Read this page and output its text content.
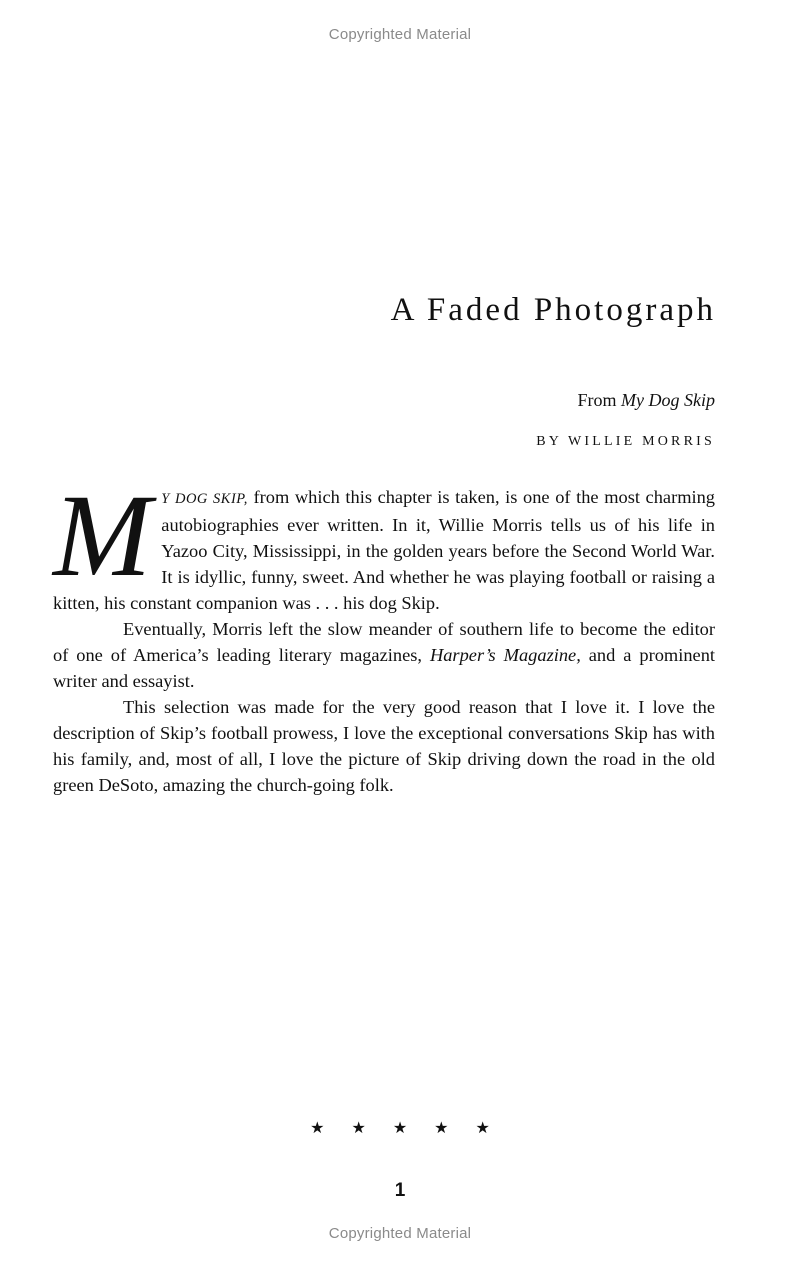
Copyrighted Material
A Faded Photograph
From My Dog Skip
BY WILLIE MORRIS

M Y DOG SKIP, from which this chapter is taken, is one of the most charming autobiographies ever written. In it, Willie Morris tells us of his life in Yazoo City, Mississippi, in the golden years before the Second World War. It is idyllic, funny, sweet. And whether he was playing football or raising a kitten, his constant companion was . . . his dog Skip.

Eventually, Morris left the slow meander of southern life to become the editor of one of America’s leading literary magazines, Harper’s Magazine, and a prominent writer and essayist.

This selection was made for the very good reason that I love it. I love the description of Skip’s football prowess, I love the exceptional conversations Skip has with his family, and, most of all, I love the picture of Skip driving down the road in the old green DeSoto, amazing the church-going folk.

★★★★★
1
Copyrighted Material
